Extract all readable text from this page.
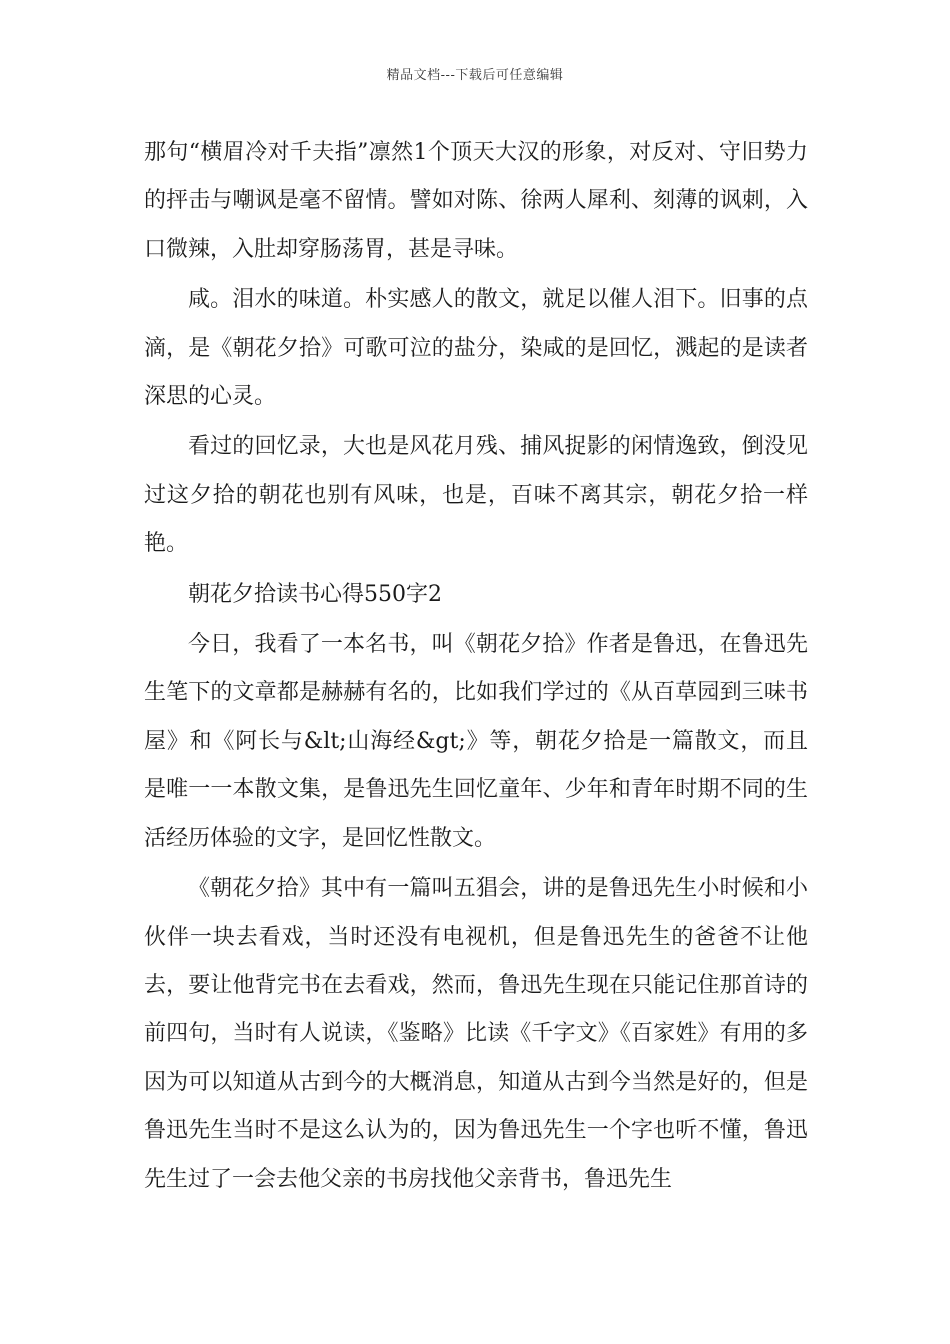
精品文档---下载后可任意编辑

那句“横眉冷对千夫指”凛然1个顶天大汉的形象，对反对、守旧势力的抨击与嘲讽是毫不留情。譬如对陈、徐两人犀利、刻薄的讽刺，入口微辣，入肚却穿肠荡胃，甚是寻味。

咸。泪水的味道。朴实感人的散文，就足以催人泪下。旧事的点滴，是《朝花夕拾》可歌可泣的盐分，染咸的是回忆，溅起的是读者深思的心灵。

看过的回忆录，大也是风花月残、捕风捉影的闲情逸致，倒没见过这夕拾的朝花也别有风味，也是，百味不离其宗，朝花夕拾一样艳。

朝花夕拾读书心得550字2

今日，我看了一本名书，叫《朝花夕拾》作者是鲁迅，在鲁迅先生笔下的文章都是赫赫有名的，比如我们学过的《从百草园到三味书屋》和《阿长与&lt;山海经&gt;》等，朝花夕拾是一篇散文，而且是唯一一本散文集，是鲁迅先生回忆童年、少年和青年时期不同的生活经历体验的文字，是回忆性散文。

《朝花夕拾》其中有一篇叫五猖会，讲的是鲁迅先生小时候和小伙伴一块去看戏，当时还没有电视机，但是鲁迅先生的爸爸不让他去，要让他背完书在去看戏，然而，鲁迅先生现在只能记住那首诗的前四句，当时有人说读，《鉴略》比读《千字文》《百家姓》有用的多因为可以知道从古到今的大概消息，知道从古到今当然是好的，但是鲁迅先生当时不是这么认为的，因为鲁迅先生一个字也听不懂，鲁迅先生过了一会去他父亲的书房找他父亲背书，鲁迅先生
